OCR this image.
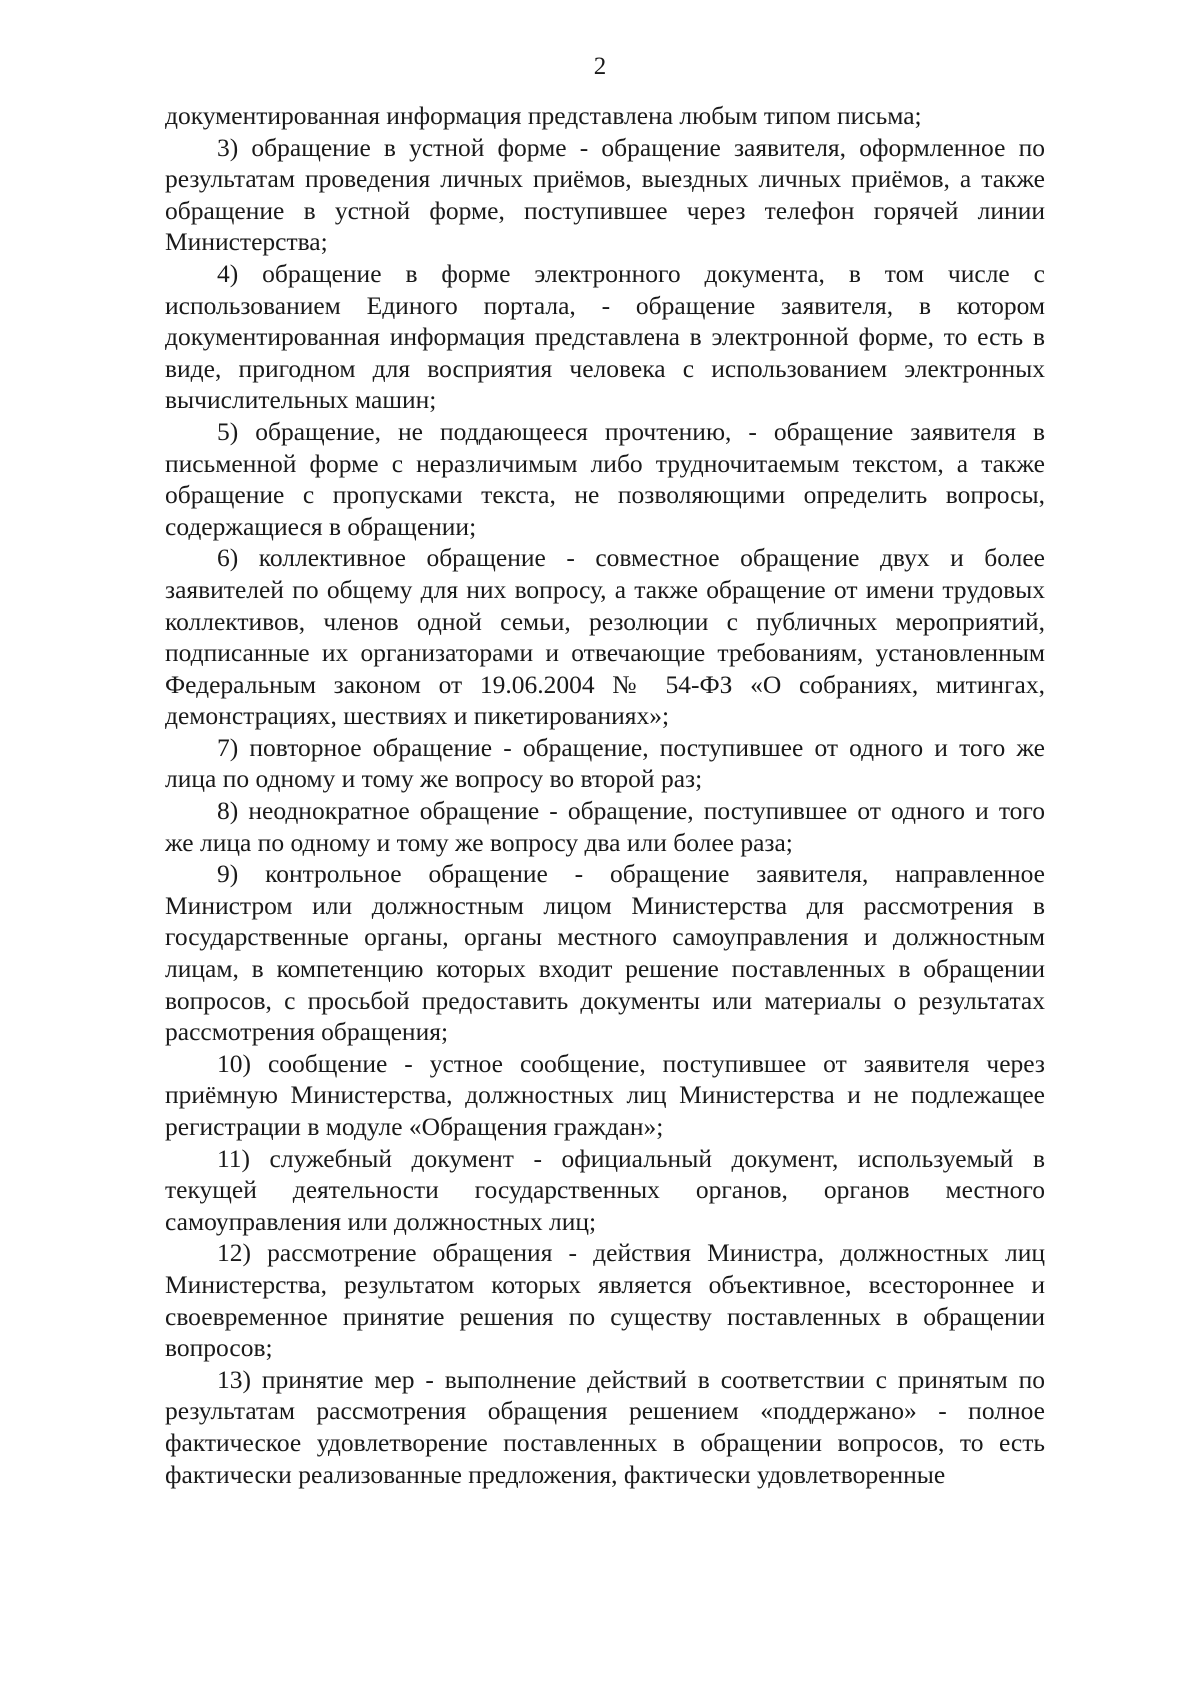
2

документированная информация представлена любым типом письма;

3) обращение в устной форме - обращение заявителя, оформленное по результатам проведения личных приёмов, выездных личных приёмов, а также обращение в устной форме, поступившее через телефон горячей линии Министерства;

4) обращение в форме электронного документа, в том числе с использованием Единого портала, - обращение заявителя, в котором документированная информация представлена в электронной форме, то есть в виде, пригодном для восприятия человека с использованием электронных вычислительных машин;

5) обращение, не поддающееся прочтению, - обращение заявителя в письменной форме с неразличимым либо трудночитаемым текстом, а также обращение с пропусками текста, не позволяющими определить вопросы, содержащиеся в обращении;

6) коллективное обращение - совместное обращение двух и более заявителей по общему для них вопросу, а также обращение от имени трудовых коллективов, членов одной семьи, резолюции с публичных мероприятий, подписанные их организаторами и отвечающие требованиям, установленным Федеральным законом от 19.06.2004 № 54-ФЗ «О собраниях, митингах, демонстрациях, шествиях и пикетированиях»;

7) повторное обращение - обращение, поступившее от одного и того же лица по одному и тому же вопросу во второй раз;

8) неоднократное обращение - обращение, поступившее от одного и того же лица по одному и тому же вопросу два или более раза;

9) контрольное обращение - обращение заявителя, направленное Министром или должностным лицом Министерства для рассмотрения в государственные органы, органы местного самоуправления и должностным лицам, в компетенцию которых входит решение поставленных в обращении вопросов, с просьбой предоставить документы или материалы о результатах рассмотрения обращения;

10) сообщение - устное сообщение, поступившее от заявителя через приёмную Министерства, должностных лиц Министерства и не подлежащее регистрации в модуле «Обращения граждан»;

11) служебный документ - официальный документ, используемый в текущей деятельности государственных органов, органов местного самоуправления или должностных лиц;

12) рассмотрение обращения - действия Министра, должностных лиц Министерства, результатом которых является объективное, всестороннее и своевременное принятие решения по существу поставленных в обращении вопросов;

13) принятие мер - выполнение действий в соответствии с принятым по результатам рассмотрения обращения решением «поддержано» - полное фактическое удовлетворение поставленных в обращении вопросов, то есть фактически реализованные предложения, фактически удовлетворенные
